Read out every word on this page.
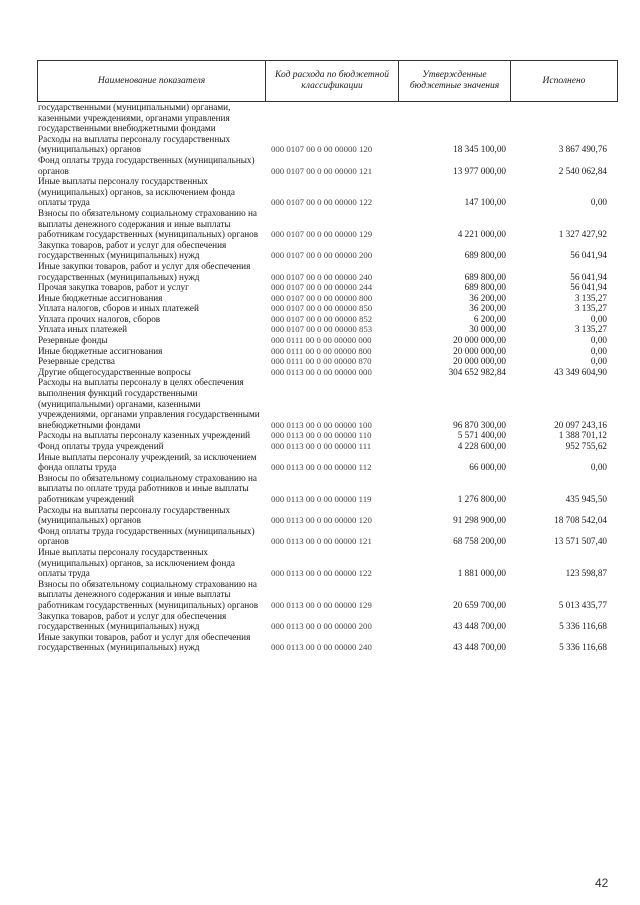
Наименование показателя	Код расхода по бюджетной классификации	Утвержденные бюджетные значения	Исполнено
государственными (муниципальными) органами, казенными учреждениями, органами управления государственными внебюджетными фондами			
Расходы на выплаты персоналу государственных (муниципальных) органов	000 0107 00 0 00 00000 120	18 345 100,00	3 867 490,76
Фонд оплаты труда государственных (муниципальных) органов	000 0107 00 0 00 00000 121	13 977 000,00	2 540 062,84
Иные выплаты персоналу государственных (муниципальных) органов, за исключением фонда оплаты труда	000 0107 00 0 00 00000 122	147 100,00	0,00
Взносы по обязательному социальному страхованию на выплаты денежного содержания и иные выплаты работникам государственных (муниципальных) органов	000 0107 00 0 00 00000 129	4 221 000,00	1 327 427,92
Закупка товаров, работ и услуг для обеспечения государственных (муниципальных) нужд	000 0107 00 0 00 00000 200	689 800,00	56 041,94
Иные закупки товаров, работ и услуг для обеспечения государственных (муниципальных) нужд	000 0107 00 0 00 00000 240	689 800,00	56 041,94
Прочая закупка товаров, работ и услуг	000 0107 00 0 00 00000 244	689 800,00	56 041,94
Иные бюджетные ассигнования	000 0107 00 0 00 00000 800	36 200,00	3 135,27
Уплата налогов, сборов и иных платежей	000 0107 00 0 00 00000 850	36 200,00	3 135,27
Уплата прочих налогов, сборов	000 0107 00 0 00 00000 852	6 200,00	0,00
Уплата иных платежей	000 0107 00 0 00 00000 853	30 000,00	3 135,27
Резервные фонды	000 0111 00 0 00 00000 000	20 000 000,00	0,00
Иные бюджетные ассигнования	000 0111 00 0 00 00000 800	20 000 000,00	0,00
Резервные средства	000 0111 00 0 00 00000 870	20 000 000,00	0,00
Другие общегосударственные вопросы	000 0113 00 0 00 00000 000	304 652 982,84	43 349 604,90
Расходы на выплаты персоналу в целях обеспечения выполнения функций государственными (муниципальными) органами, казенными учреждениями, органами управления государственными внебюджетными фондами	000 0113 00 0 00 00000 100	96 870 300,00	20 097 243,16
Расходы на выплаты персоналу казенных учреждений	000 0113 00 0 00 00000 110	5 571 400,00	1 388 701,12
Фонд оплаты труда учреждений	000 0113 00 0 00 00000 111	4 228 600,00	952 755,62
Иные выплаты персоналу учреждений, за исключением фонда оплаты труда	000 0113 00 0 00 00000 112	66 000,00	0,00
Взносы по обязательному социальному страхованию на выплаты по оплате труда работников и иные выплаты работникам учреждений	000 0113 00 0 00 00000 119	1 276 800,00	435 945,50
Расходы на выплаты персоналу государственных (муниципальных) органов	000 0113 00 0 00 00000 120	91 298 900,00	18 708 542,04
Фонд оплаты труда государственных (муниципальных) органов	000 0113 00 0 00 00000 121	68 758 200,00	13 571 507,40
Иные выплаты персоналу государственных (муниципальных) органов, за исключением фонда оплаты труда	000 0113 00 0 00 00000 122	1 881 000,00	123 598,87
Взносы по обязательному социальному страхованию на выплаты денежного содержания и иные выплаты работникам государственных (муниципальных) органов	000 0113 00 0 00 00000 129	20 659 700,00	5 013 435,77
Закупка товаров, работ и услуг для обеспечения государственных (муниципальных) нужд	000 0113 00 0 00 00000 200	43 448 700,00	5 336 116,68
Иные закупки товаров, работ и услуг для обеспечения государственных (муниципальных) нужд	000 0113 00 0 00 00000 240	43 448 700,00	5 336 116,68
42
